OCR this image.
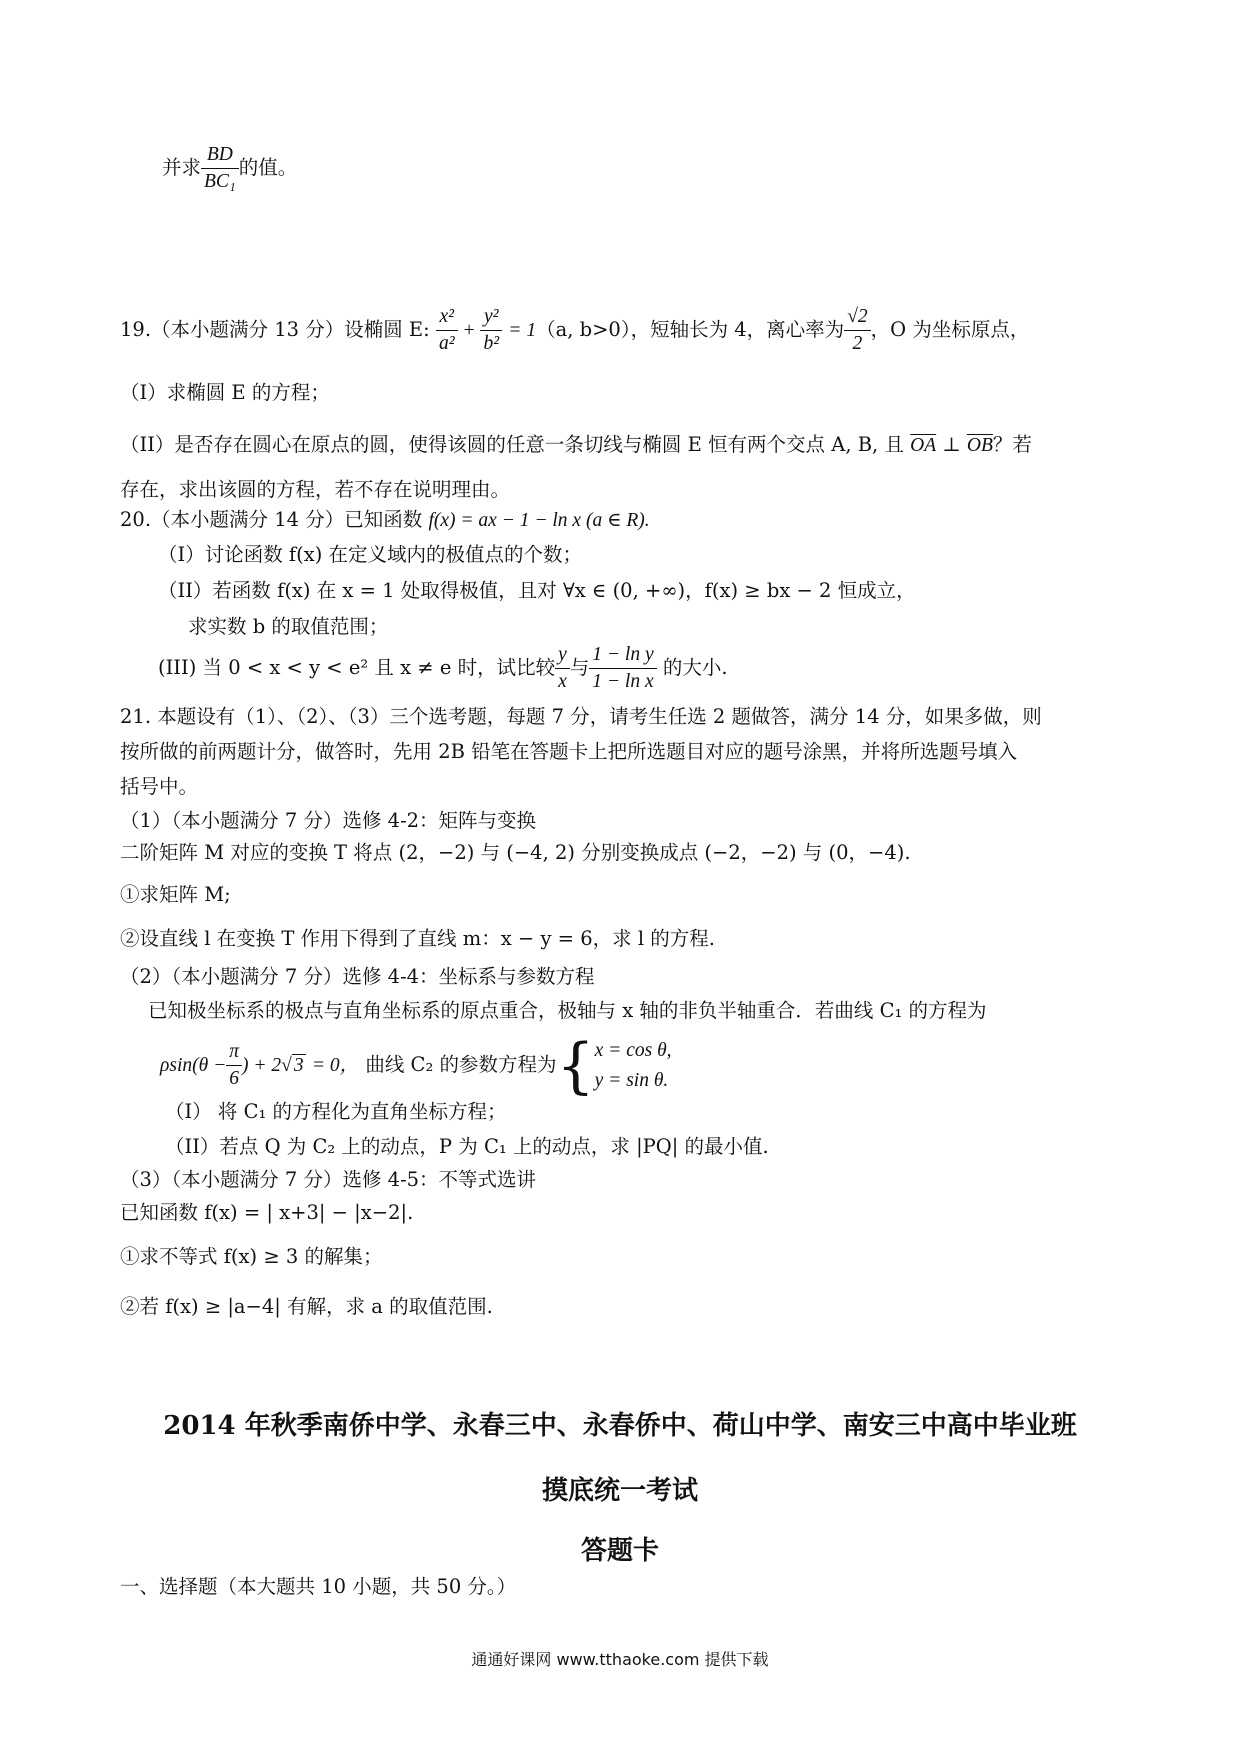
并求 $\frac{BD}{\text{BC₁}}$ 的值。
19.（本小题满分 13 分）设椭圆 E: $\frac{\text{x²}}{\text{a²}} + \frac{\text{y²}}{\text{b²}} = 1(a$, b>0），短轴长为 4，离心率为 $\frac{√2}{2}$ ，O 为坐标原点，
（I）求椭圆 E 的方程；
（II）是否存在圆心在原点的圆，使得该圆的任意一条切线与椭圆 E 恒有两个交点 A, B, 且 $\overline{OA}$ ⊥ $\overline{OB}$？若
存在，求出该圆的方程，若不存在说明理由。
20.（本小题满分 14 分）已知函数 f(x) = ax − 1 − ln x (a ∈ R).
（I）讨论函数 f(x) 在定义域内的极值点的个数；
（II）若函数 f(x) 在 x = 1 处取得极值，且对 ∀x ∈ (0, +∞)，f(x) ≥ bx − 2 恒成立，
求实数 b 的取值范围；
(III) 当 0 < x < y < e² 且 x ≠ e 时，试比较 $\frac{y}{x}$ 与 $\frac{\text{1 − ln y}}{\text{1 − ln x}}$ 的大小.
21. 本题设有（1）、（2）、（3）三个选考题，每题 7 分，请考生任选 2 题做答，满分 14 分，如果多做，则
按所做的前两题计分，做答时，先用 2B 铅笔在答题卡上把所选题目对应的题号涂黑，并将所选题号填入
括号中。
（1）（本小题满分 7 分）选修 4-2：矩阵与变换
二阶矩阵 M 对应的变换 T 将点 (2，−2) 与 (−4, 2) 分别变换成点 (−2，−2) 与 (0，−4).
①求矩阵 M;
②设直线 l 在变换 T 作用下得到了直线 m：x − y = 6，求 l 的方程.
（2）（本小题满分 7 分）选修 4-4：坐标系与参数方程
已知极坐标系的极点与直角坐标系的原点重合，极轴与 x 轴的非负半轴重合．若曲线 C₁ 的方程为
$\rho\sin(\theta - \frac{\pi}{6}$ ) + 2√ 3 = 0， 曲线 C₂ 的参数方程为{ x = cos θ,
y = sin θ.
（I） 将 C₁ 的方程化为直角坐标方程；
（II）若点 Q 为 C₂ 上的动点，P 为 C₁ 上的动点，求 |PQ| 的最小值.
（3）（本小题满分 7 分）选修 4-5：不等式选讲
已知函数 f(x) = | x+3| − |x−2|.
①求不等式 f(x) ≥ 3 的解集；
②若 f(x) ≥ |a−4| 有解，求 a 的取值范围.
2014 年秋季南侨中学、永春三中、永春侨中、荷山中学、南安三中高中毕业班
摸底统一考试
答题卡
一、选择题（本大题共 10 小题，共 50 分。）
通通好课网 www.tthaoke.com 提供下载
